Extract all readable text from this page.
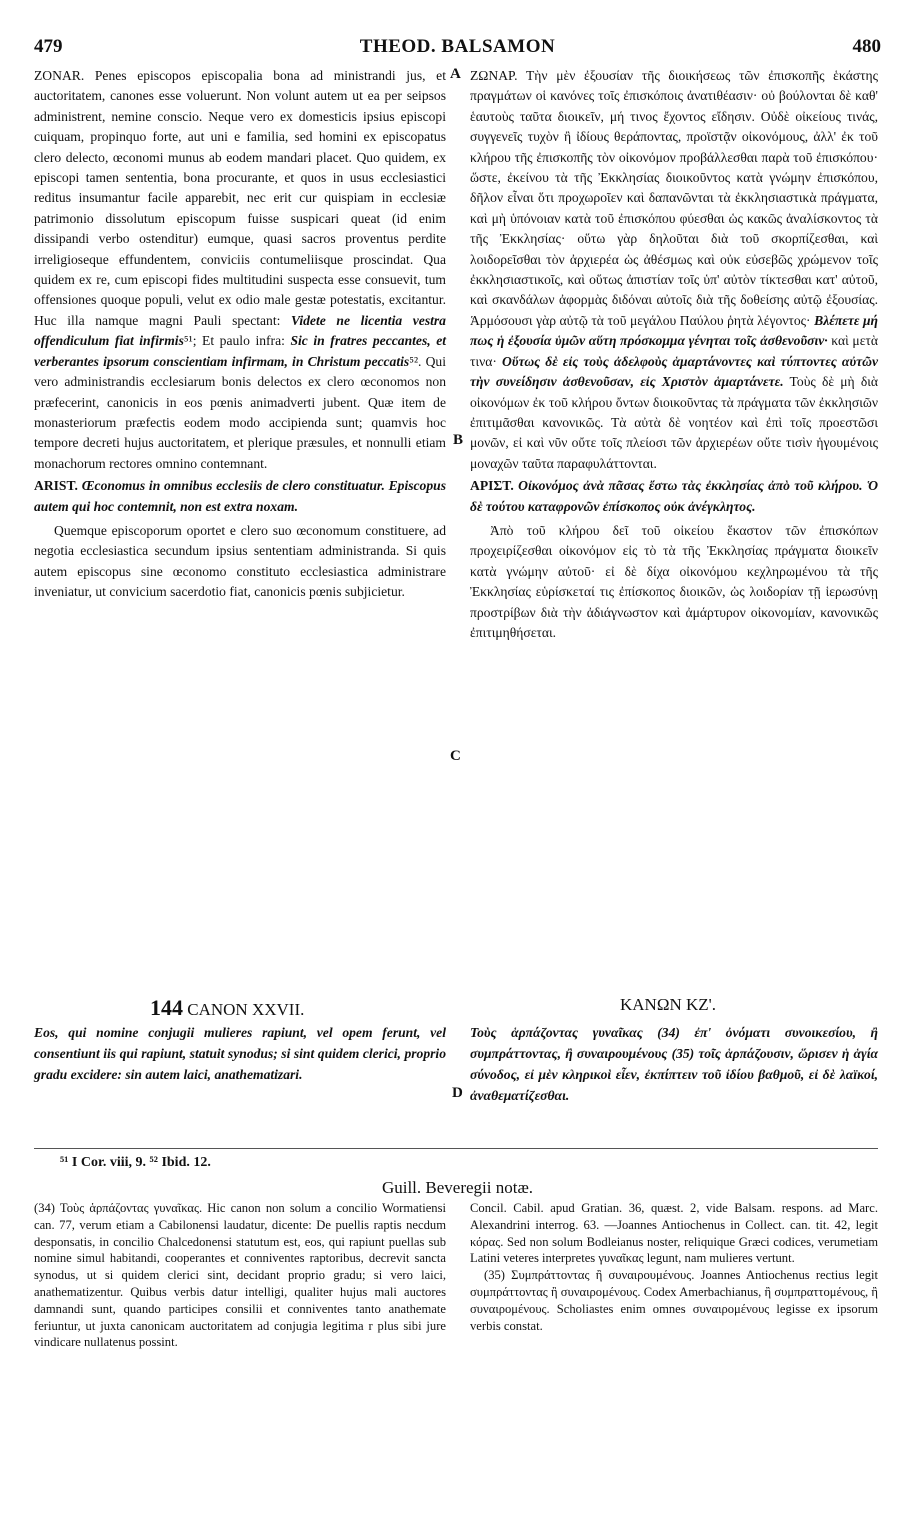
479	THEOD. BALSAMON	480

ZONAR. Penes episcopos episcopalia bona ad ministrandi jus, et auctoritatem, canones esse voluerunt. Non volunt autem ut ea per seipsos administrent, nemine conscio. Neque vero ex domesticis ipsius episcopi cuiquam, propinquo forte, aut uni e familia, sed homini ex episcopatus clero delecto, œconomi munus ab eodem mandari placet. Quo quidem, ex episcopi tamen sententia, bona procurante, et quos in usus ecclesiastici reditus insumantur facile apparebit, nec erit cur quispiam in ecclesiæ patrimonio dissolutum episcopum fuisse suspicari queat (id enim dissipandi verbo ostenditur) eumque, quasi sacros proventus perdite irreligioseque effundentem, conviciis contumeliisque proscindat. Qua quidem ex re, cum episcopi fides multitudini suspecta esse consuevit, tum offensiones quoque populi, velut ex odio male gestæ potestatis, excitantur. Huc illa namque magni Pauli spectant: Videte ne licentia vestra offendiculum fiat infirmis⁵¹; Et paulo infra: Sic in fratres peccantes, et verberantes ipsorum conscientiam infirmam, in Christum peccatis⁵². Qui vero administrandis ecclesiarum bonis delectos ex clero œconomos non præfecerint, canonicis in eos pœnis animadverti jubent. Quæ item de monasteriorum præfectis eodem modo accipienda sunt; quamvis hoc tempore decreti hujus auctoritatem, et plerique præsules, et nonnulli etiam monachorum rectores omnino contemnant.

ARIST. Œconomus in omnibus ecclesiis de clero constituatur. Episcopus autem qui hoc contemnit, non est extra noxam.

Quemque episcoporum oportet e clero suo œconomum constituere, ad negotia ecclesiastica secundum ipsius sententiam administranda. Si quis autem episcopus sine œconomo constituto ecclesiastica administrare inveniatur, ut convicium sacerdotio fiat, canonicis pœnis subjicietur.

ΖΩΝΑΡ. Τὴν μὲν ἐξουσίαν τῆς διοικήσεως τῶν ἐπισκοπῆς ἑκάστης πραγμάτων οἱ κανόνες τοῖς ἐπισκόποις ἀνατιθέασιν· οὐ βούλονται δὲ καθ' ἑαυτοὺς ταῦτα διοικεῖν, μή τινος ἔχοντος εἴδησιν. Οὐδὲ οἰκείους τινάς, συγγενεῖς τυχὸν ἢ ἰδίους θεράποντας, προϊστᾷν οἰκονόμους, ἀλλ' ἐκ τοῦ κλήρου τῆς ἐπισκοπῆς τὸν οἰκονόμον προβάλλεσθαι παρὰ τοῦ ἐπισκόπου· ὥστε, ἐκείνου τὰ τῆς Ἐκκλησίας διοικοῦντος κατὰ γνώμην ἐπισκόπου, δῆλον εἶναι ὅτι προχωροῖεν καὶ δαπανῶνται τὰ ἐκκλησιαστικὰ πράγματα, καὶ μὴ ὑπόνοιαν κατὰ τοῦ ἐπισκόπου φύεσθαι ὡς κακῶς ἀναλίσκοντος τὰ τῆς Ἐκκλησίας· οὕτω γὰρ δηλοῦται διὰ τοῦ σκορπίζεσθαι, καὶ λοιδορεῖσθαι τὸν ἀρχιερέα ὡς ἀθέσμως καὶ οὐκ εὐσεβῶς χρώμενον τοῖς ἐκκλησιαστικοῖς, καὶ οὕτως ἀπιστίαν τοῖς ὑπ' αὐτὸν τίκτεσθαι κατ' αὐτοῦ, καὶ σκανδάλων ἀφορμὰς διδόναι αὐτοῖς διὰ τῆς δοθείσης αὐτῷ ἐξουσίας. Ἁρμόσουσι γὰρ αὐτῷ τὰ τοῦ μεγάλου Παύλου ῥητὰ λέγοντος· Βλέπετε μή πως ἡ ἐξουσία ὑμῶν αὕτη πρόσκομμα γένηται τοῖς ἀσθενοῦσιν· καὶ μετὰ τινα· Οὕτως δὲ εἰς τοὺς ἀδελφοὺς ἁμαρτάνοντες καὶ τύπτοντες αὐτῶν τὴν συνείδησιν ἀσθενοῦσαν, εἰς Χριστὸν ἁμαρτάνετε. Τοὺς δὲ μὴ διὰ οἰκονόμων ἐκ τοῦ κλήρου ὄντων διοικοῦντας τὰ πράγματα τῶν ἐκκλησιῶν ἐπιτιμᾶσθαι κανονικῶς. Τὰ αὐτὰ δὲ νοητέον καὶ ἐπὶ τοῖς προεστῶσι μονῶν, εἰ καὶ νῦν οὔτε τοῖς πλείοσι τῶν ἀρχιερέων οὔτε τισὶν ἡγουμένοις μοναχῶν ταῦτα παραφυλάττονται.

ΑΡΙΣΤ. Οἰκονόμος ἀνὰ πᾶσας ἔστω τὰς ἐκκλησίας ἀπὸ τοῦ κλήρου. Ὁ δὲ τούτου καταφρονῶν ἐπίσκοπος οὐκ ἀνέγκλητος.

Ἀπὸ τοῦ κλήρου δεῖ τοῦ οἰκείου ἕκαστον τῶν ἐπισκόπων προχειρίζεσθαι οἰκονόμον εἰς τὸ τὰ τῆς Ἐκκλησίας πράγματα διοικεῖν κατὰ γνώμην αὐτοῦ· εἰ δὲ δίχα οἰκονόμου κεχληρωμένου τὰ τῆς Ἐκκλησίας εὑρίσκεταί τις ἐπίσκοπος διοικῶν, ὡς λοιδορίαν τῇ ἱερωσύνῃ προστρίβων διὰ τὴν ἀδιάγνωστον καὶ ἀμάρτυρον οἰκονομίαν, κανονικῶς ἐπιτιμηθήσεται.

A
B
C
D
144 CANON XXVII.	ΚΑΝΩΝ ΚΖ'.
Eos, qui nomine conjugii mulieres rapiunt, vel opem ferunt, vel consentiunt iis qui rapiunt, statuit synodus; si sint quidem clerici, proprio gradu excidere: sin autem laici, anathematizari.
Τοὺς ἁρπάζοντας γυναῖκας (34) ἐπ' ὀνόματι συνοικεσίου, ἢ συμπράττοντας, ἢ συναιρουμένους (35) τοῖς ἁρπάζουσιν, ὥρισεν ἡ ἁγία σύνοδος, εἰ μὲν κληρικοὶ εἶεν, ἐκπίπτειν τοῦ ἰδίου βαθμοῦ, εἰ δὲ λαϊκοί, ἀναθεματίζεσθαι.
⁵¹ I Cor. viii, 9. ⁵² Ibid. 12.
Guill. Beveregii notæ.
(34) Τοὺς ἁρπάζοντας γυναῖκας. Hic canon non solum a concilio Wormatiensi can. 77, verum etiam a Cabilonensi laudatur, dicente: De puellis raptis necdum desponsatis, in concilio Chalcedonensi statutum est, eos, qui rapiunt puellas sub nomine simul habitandi, cooperantes et conniventes raptoribus, decrevit sancta synodus, ut si quidem clerici sint, decidant proprio gradu; si vero laici, anathematizentur. Quibus verbis datur intelligi, qualiter hujus mali auctores damnandi sunt, quando participes consilii et conniventes tanto anathemate feriuntur, ut juxta canonicam auctoritatem ad conjugia legitima r plus sibi jure vindicare nullatenus possint.
Concil. Cabil. apud Gratian. 36, quæst. 2, vide Balsam. respons. ad Marc. Alexandrini interrog. 63. —Joannes Antiochenus in Collect. can. tit. 42, legit κόρας. Sed non solum Bodleianus noster, reliquique Græci codices, verumetiam Latini veteres interpretes γυναῖκας legunt, nam mulieres vertunt.
(35) Συμπράττοντας ἢ συναιρουμένους. Joannes Antiochenus rectius legit συμπράττοντας ἢ συναιρομένους. Codex Amerbachianus, ἢ συμπραττομένους, ἢ συναιρομένους. Scholiastes enim omnes συναιρομένους legisse ex ipsorum verbis constat.
